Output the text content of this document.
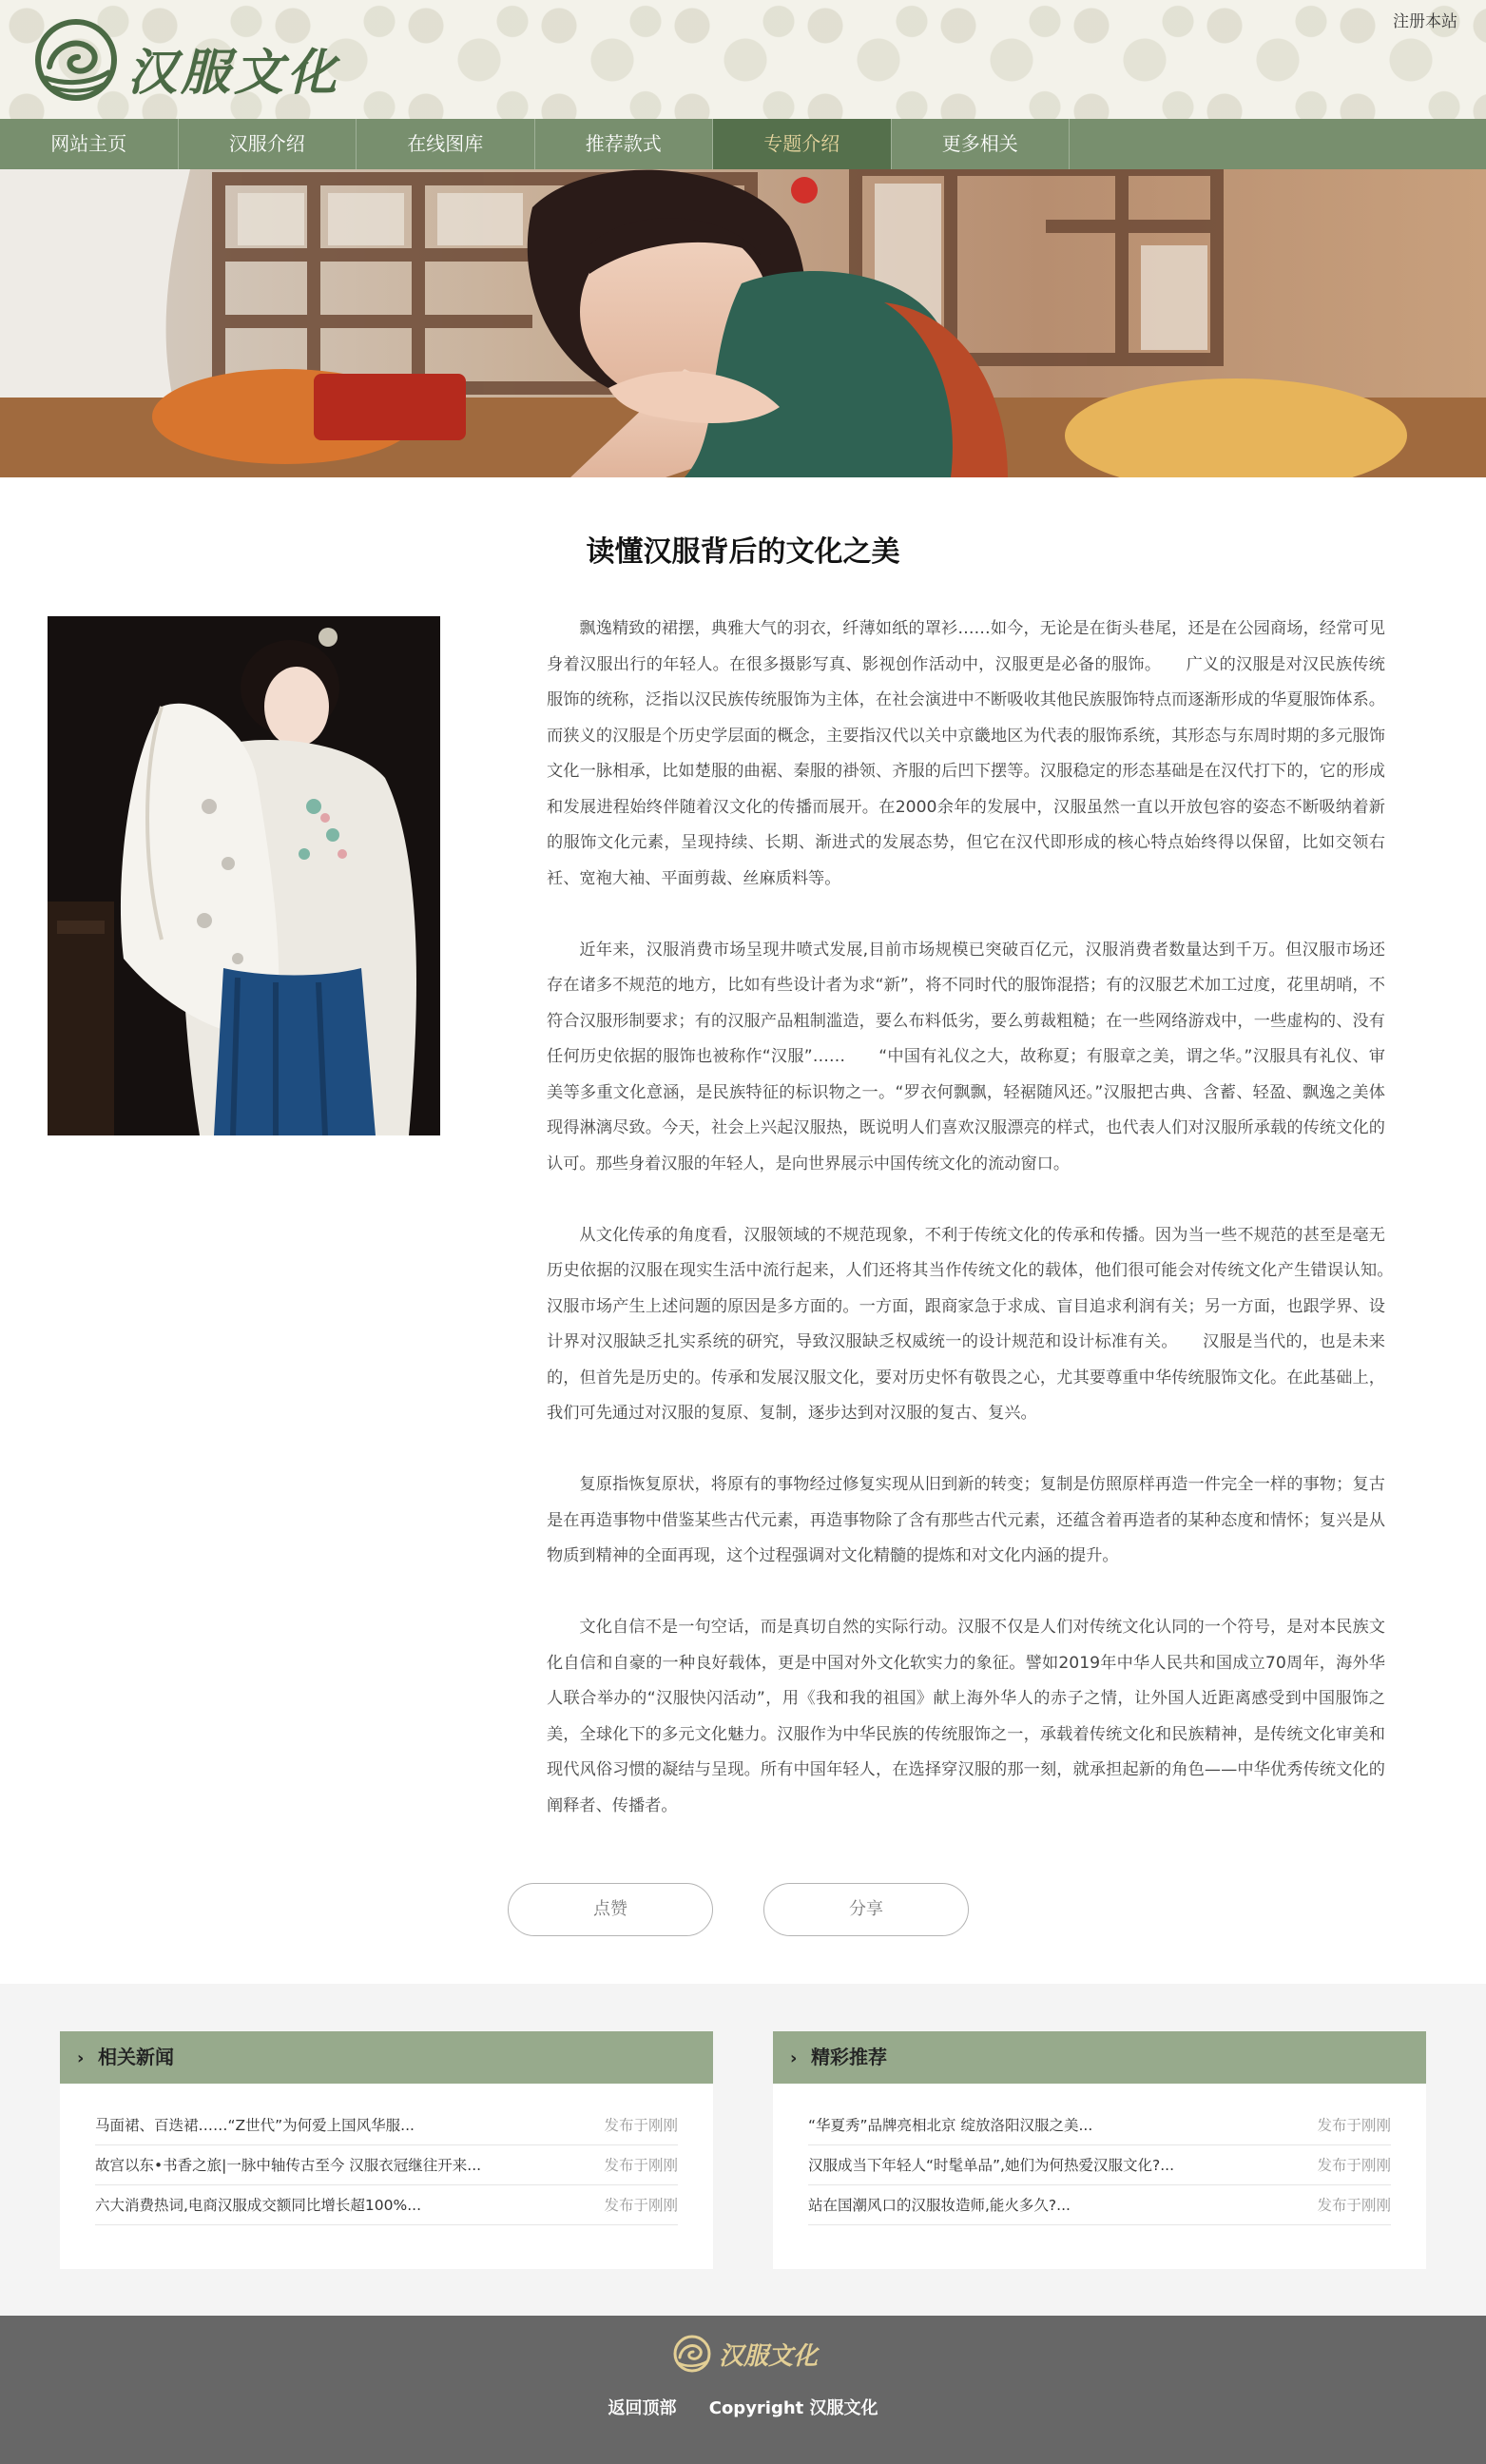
汉服文化
注册本站
网站主页	汉服介绍	在线图库	推荐款式	专题介绍	更多相关
读懂汉服背后的文化之美

飘逸精致的裙摆，典雅大气的羽衣，纤薄如纸的罩衫……如今，无论是在街头巷尾，还是在公园商场，经常可见身着汉服出行的年轻人。在很多摄影写真、影视创作活动中，汉服更是必备的服饰。　　广义的汉服是对汉民族传统服饰的统称，泛指以汉民族传统服饰为主体，在社会演进中不断吸收其他民族服饰特点而逐渐形成的华夏服饰体系。而狭义的汉服是个历史学层面的概念，主要指汉代以关中京畿地区为代表的服饰系统，其形态与东周时期的多元服饰文化一脉相承，比如楚服的曲裾、秦服的褂领、齐服的后凹下摆等。汉服稳定的形态基础是在汉代打下的，它的形成和发展进程始终伴随着汉文化的传播而展开。在2000余年的发展中，汉服虽然一直以开放包容的姿态不断吸纳着新的服饰文化元素，呈现持续、长期、渐进式的发展态势，但它在汉代即形成的核心特点始终得以保留，比如交领右衽、宽袍大袖、平面剪裁、丝麻质料等。

近年来，汉服消费市场呈现井喷式发展,目前市场规模已突破百亿元，汉服消费者数量达到千万。但汉服市场还存在诸多不规范的地方，比如有些设计者为求“新”，将不同时代的服饰混搭；有的汉服艺术加工过度，花里胡哨，不符合汉服形制要求；有的汉服产品粗制滥造，要么布料低劣，要么剪裁粗糙；在一些网络游戏中，一些虚构的、没有任何历史依据的服饰也被称作“汉服”……　　“中国有礼仪之大，故称夏；有服章之美，谓之华。”汉服具有礼仪、审美等多重文化意涵，是民族特征的标识物之一。“罗衣何飘飘，轻裾随风还。”汉服把古典、含蓄、轻盈、飘逸之美体现得淋漓尽致。今天，社会上兴起汉服热，既说明人们喜欢汉服漂亮的样式，也代表人们对汉服所承载的传统文化的认可。那些身着汉服的年轻人，是向世界展示中国传统文化的流动窗口。

从文化传承的角度看，汉服领域的不规范现象，不利于传统文化的传承和传播。因为当一些不规范的甚至是毫无历史依据的汉服在现实生活中流行起来，人们还将其当作传统文化的载体，他们很可能会对传统文化产生错误认知。　　汉服市场产生上述问题的原因是多方面的。一方面，跟商家急于求成、盲目追求利润有关；另一方面，也跟学界、设计界对汉服缺乏扎实系统的研究，导致汉服缺乏权威统一的设计规范和设计标准有关。　　汉服是当代的，也是未来的，但首先是历史的。传承和发展汉服文化，要对历史怀有敬畏之心，尤其要尊重中华传统服饰文化。在此基础上，我们可先通过对汉服的复原、复制，逐步达到对汉服的复古、复兴。

复原指恢复原状，将原有的事物经过修复实现从旧到新的转变；复制是仿照原样再造一件完全一样的事物；复古是在再造事物中借鉴某些古代元素，再造事物除了含有那些古代元素，还蕴含着再造者的某种态度和情怀；复兴是从物质到精神的全面再现，这个过程强调对文化精髓的提炼和对文化内涵的提升。

文化自信不是一句空话，而是真切自然的实际行动。汉服不仅是人们对传统文化认同的一个符号，是对本民族文化自信和自豪的一种良好载体，更是中国对外文化软实力的象征。譬如2019年中华人民共和国成立70周年，海外华人联合举办的“汉服快闪活动”，用《我和我的祖国》献上海外华人的赤子之情，让外国人近距离感受到中国服饰之美，全球化下的多元文化魅力。汉服作为中华民族的传统服饰之一，承载着传统文化和民族精神，是传统文化审美和现代风俗习惯的凝结与呈现。所有中国年轻人，在选择穿汉服的那一刻，就承担起新的角色——中华优秀传统文化的阐释者、传播者。

点赞	分享
› 相关新闻
马面裙、百迭裙……“Z世代”为何爱上国风华服...	发布于刚刚
故宫以东•书香之旅|一脉中轴传古至今 汉服衣冠继往开来...	发布于刚刚
六大消费热词,电商汉服成交额同比增长超100%...	发布于刚刚
› 精彩推荐
“华夏秀”品牌亮相北京 绽放洛阳汉服之美...	发布于刚刚
汉服成当下年轻人“时髦单品”,她们为何热爱汉服文化?...	发布于刚刚
站在国潮风口的汉服妆造师,能火多久?...	发布于刚刚
汉服文化
返回顶部 Copyright 汉服文化
